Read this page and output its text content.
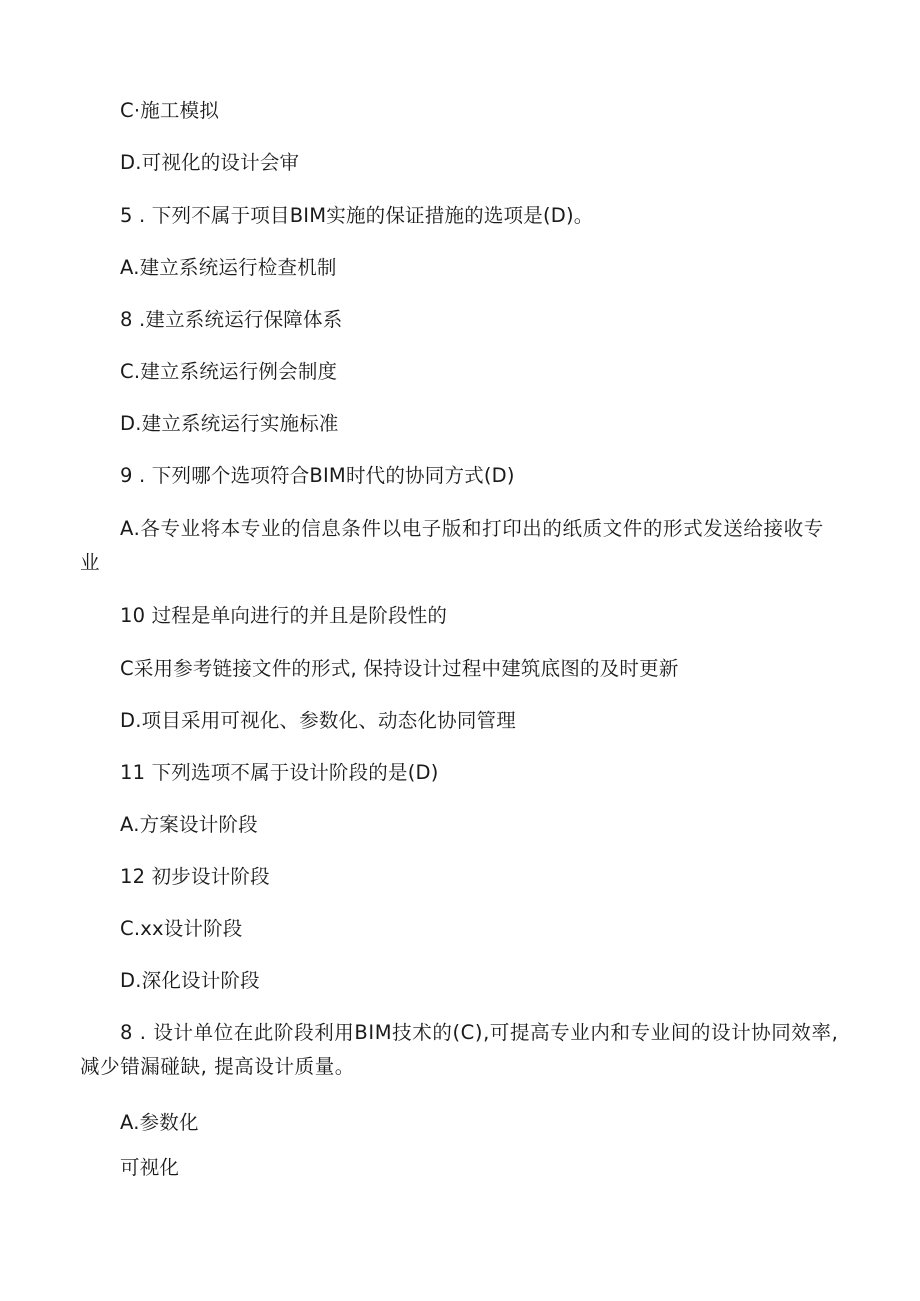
C·施工模拟
D.可视化的设计会审
5 . 下列不属于项目BIM实施的保证措施的选项是(D)。
A.建立系统运行检查机制
8 .建立系统运行保障体系
C.建立系统运行例会制度
D.建立系统运行实施标准
9 . 下列哪个选项符合BIM时代的协同方式(D)
A.各专业将本专业的信息条件以电子版和打印出的纸质文件的形式发送给接收专业
10 过程是单向进行的并且是阶段性的
C采用参考链接文件的形式, 保持设计过程中建筑底图的及时更新
D.项目采用可视化、参数化、动态化协同管理
11 下列选项不属于设计阶段的是(D)
A.方案设计阶段
12 初步设计阶段
C.xx设计阶段
D.深化设计阶段
8 . 设计单位在此阶段利用BIM技术的(C),可提高专业内和专业间的设计协同效率, 减少错漏碰缺, 提高设计质量。
A.参数化
可视化
